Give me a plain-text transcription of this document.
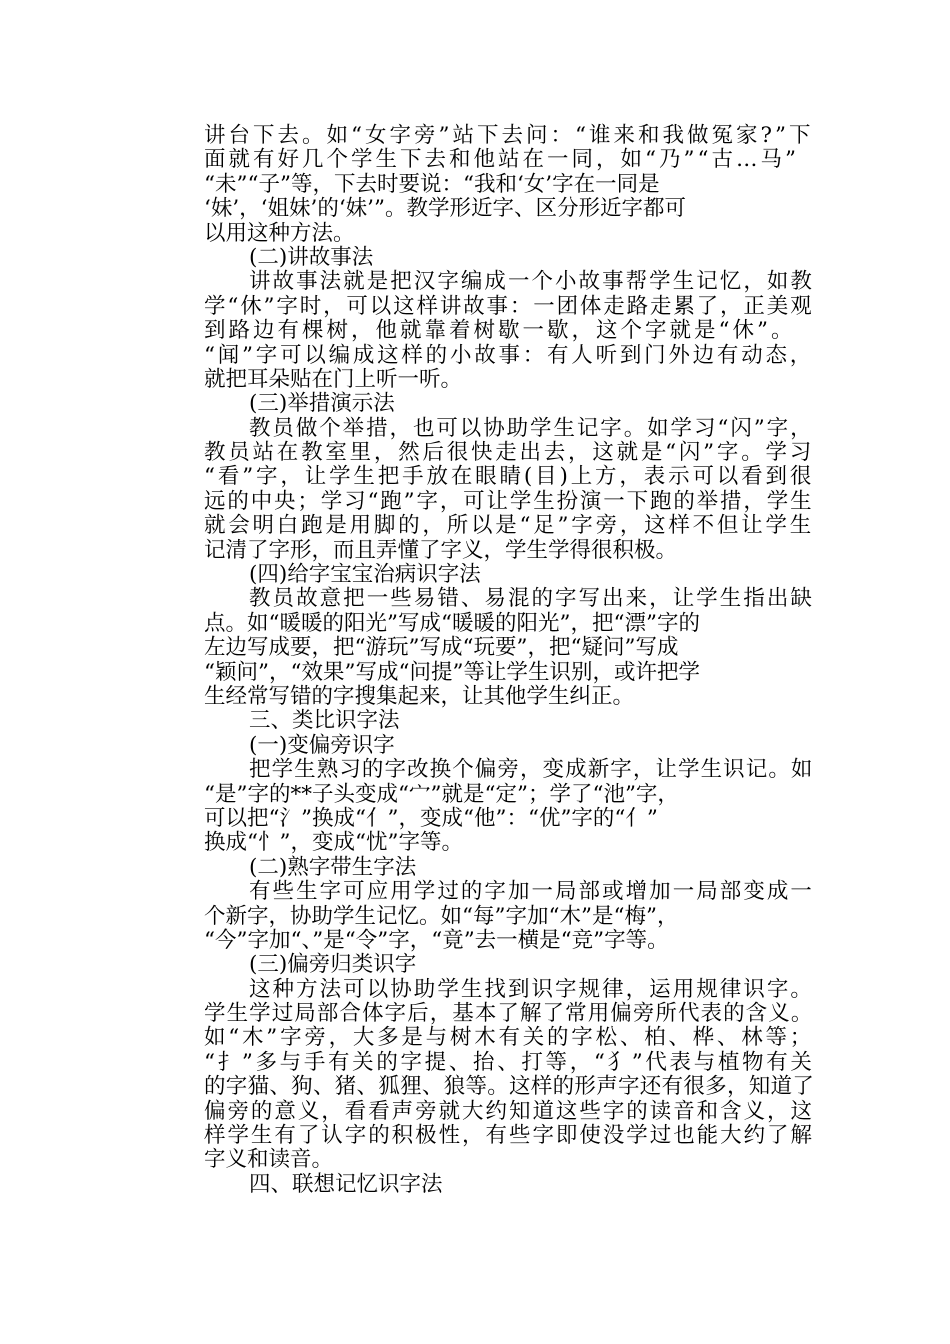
讲台下去。如“女字旁”站下去问：“谁来和我做冤家?”下
面就有好几个学生下去和他站在一同，如“乃”“古…马”
“未”“子”等，下去时要说：“我和‘女’字在一同是
‘妹’，‘姐妹’的‘妹’”。教学形近字、区分形近字都可
以用这种方法。
(二)讲故事法
讲故事法就是把汉字编成一个小故事帮学生记忆，如教
学“休”字时，可以这样讲故事：一团体走路走累了，正美观
到路边有棵树，他就靠着树歇一歇，这个字就是“休”。
“闻”字可以编成这样的小故事：有人听到门外边有动态，
就把耳朵贴在门上听一听。
(三)举措演示法
教员做个举措，也可以协助学生记字。如学习“闪”字，
教员站在教室里，然后很快走出去，这就是“闪”字。学习
“看”字，让学生把手放在眼睛(目)上方，表示可以看到很
远的中央；学习“跑”字，可让学生扮演一下跑的举措，学生
就会明白跑是用脚的，所以是“足”字旁，这样不但让学生
记清了字形，而且弄懂了字义，学生学得很积极。
(四)给字宝宝治病识字法
教员故意把一些易错、易混的字写出来，让学生指出缺
点。如“暖暖的阳光”写成“暖暖的阳光”，把“漂”字的
左边写成要，把“游玩”写成“玩要”，把“疑问”写成
“颖问”，“效果”写成“问提”等让学生识别，或许把学
生经常写错的字搜集起来，让其他学生纠正。
三、类比识字法
(一)变偏旁识字
把学生熟习的字改换个偏旁，变成新字，让学生识记。如
“是”字的**子头变成“宀”就是“定”；学了“池”字，
可以把“氵”换成“亻”，变成“他”：“优”字的“亻”
换成“忄”，变成“忧”字等。
(二)熟字带生字法
有些生字可应用学过的字加一局部或增加一局部变成一
个新字，协助学生记忆。如“每”字加“木”是“梅”，
“今”字加“、”是“令”字，“竟”去一横是“竞”字等。
(三)偏旁归类识字
这种方法可以协助学生找到识字规律，运用规律识字。
学生学过局部合体字后，基本了解了常用偏旁所代表的含义。
如“木”字旁，大多是与树木有关的字松、柏、桦、林等；
“扌”多与手有关的字提、抬、打等，“犭”代表与植物有关
的字猫、狗、猪、狐狸、狼等。这样的形声字还有很多，知道了
偏旁的意义，看看声旁就大约知道这些字的读音和含义，这
样学生有了认字的积极性，有些字即使没学过也能大约了解
字义和读音。
四、联想记忆识字法
